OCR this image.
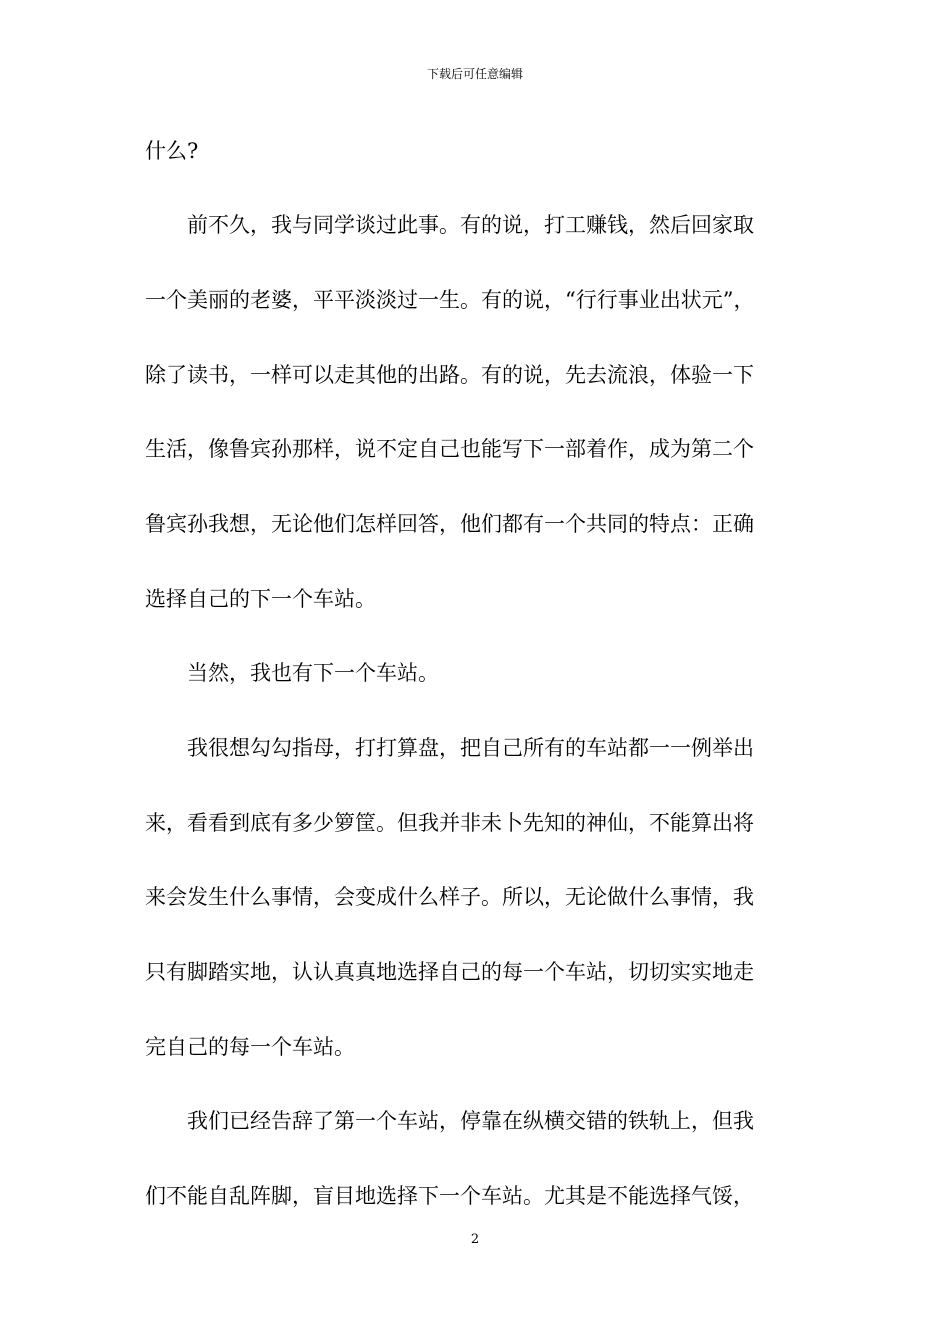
下载后可任意编辑
什么?
　　前不久，我与同学谈过此事。有的说，打工赚钱，然后回家取
一个美丽的老婆，平平淡淡过一生。有的说，“行行事业出状元”，
除了读书，一样可以走其他的出路。有的说，先去流浪，体验一下
生活，像鲁宾孙那样，说不定自己也能写下一部着作，成为第二个
鲁宾孙我想，无论他们怎样回答，他们都有一个共同的特点：正确
选择自己的下一个车站。
　　当然，我也有下一个车站。
　　我很想勾勾指母，打打算盘，把自己所有的车站都一一例举出
来，看看到底有多少箩筐。但我并非未卜先知的神仙，不能算出将
来会发生什么事情，会变成什么样子。所以，无论做什么事情，我
只有脚踏实地，认认真真地选择自己的每一个车站，切切实实地走
完自己的每一个车站。
　　我们已经告辞了第一个车站，停靠在纵横交错的铁轨上，但我
们不能自乱阵脚，盲目地选择下一个车站。尤其是不能选择气馁，
2
